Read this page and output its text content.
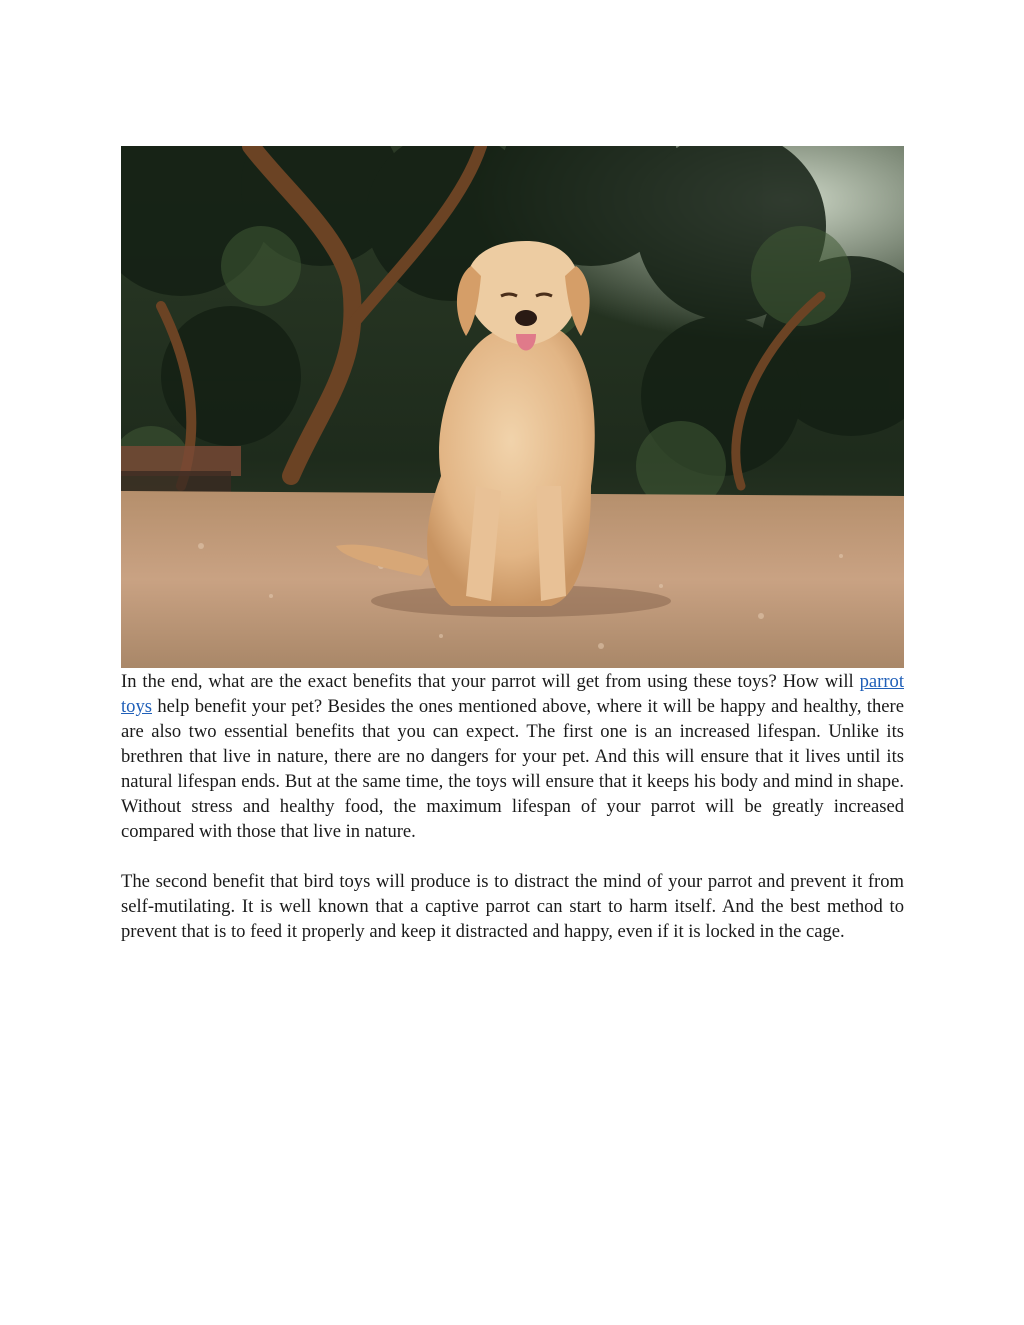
In the end, what are the exact benefits that your parrot will get from using these toys? How will parrot toys help benefit your pet? Besides the ones mentioned above, where it will be happy and healthy, there are also two essential benefits that you can expect. The first one is an increased lifespan. Unlike its brethren that live in nature, there are no dangers for your pet. And this will ensure that it lives until its natural lifespan ends. But at the same time, the toys will ensure that it keeps his body and mind in shape. Without stress and healthy food, the maximum lifespan of your parrot will be greatly increased compared with those that live in nature.

The second benefit that bird toys will produce is to distract the mind of your parrot and prevent it from self-mutilating. It is well known that a captive parrot can start to harm itself. And the best method to prevent that is to feed it properly and keep it distracted and happy, even if it is locked in the cage.
